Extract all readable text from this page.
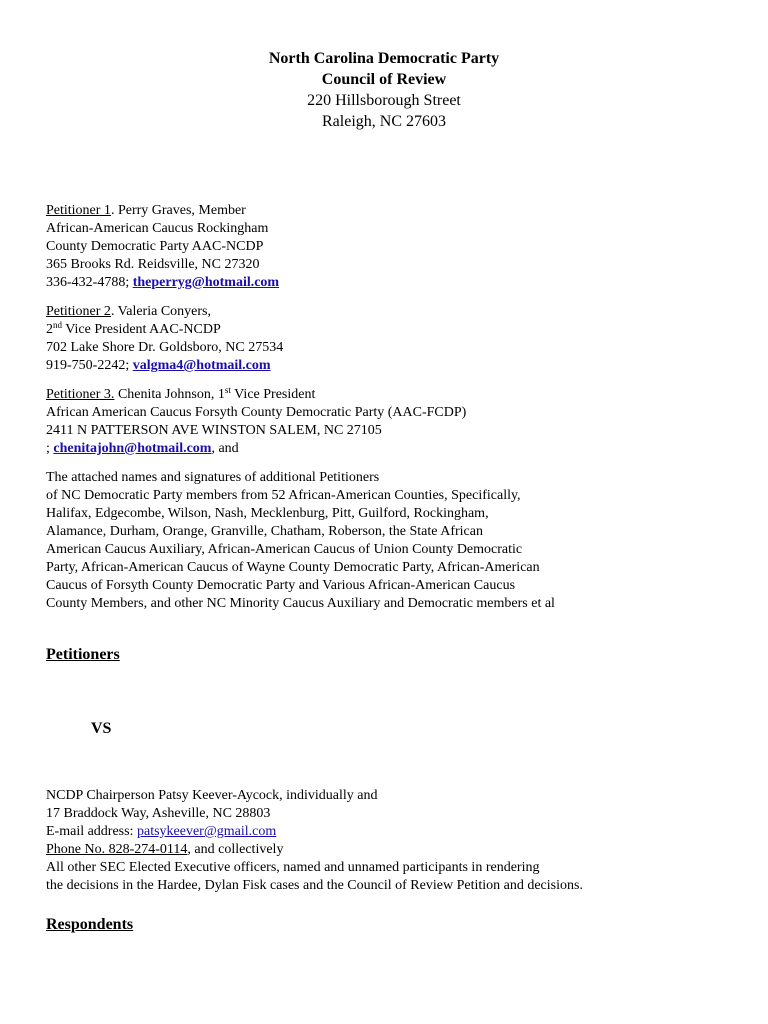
North Carolina Democratic Party
Council of Review
220 Hillsborough Street
Raleigh, NC 27603
Petitioner 1. Perry Graves, Member
African-American Caucus Rockingham
County Democratic Party AAC-NCDP
365 Brooks Rd. Reidsville, NC 27320
336-432-4788; theperryg@hotmail.com
Petitioner 2. Valeria Conyers,
2nd Vice President AAC-NCDP
702 Lake Shore Dr. Goldsboro, NC 27534
919-750-2242; valgma4@hotmail.com
Petitioner 3. Chenita Johnson, 1st Vice President
African American Caucus Forsyth County Democratic Party (AAC-FCDP)
2411 N PATTERSON AVE WINSTON SALEM, NC 27105
; chenitajohn@hotmail.com, and
The attached names and signatures of additional Petitioners
of NC Democratic Party members from 52 African-American Counties, Specifically,
Halifax, Edgecombe, Wilson, Nash, Mecklenburg, Pitt, Guilford, Rockingham,
Alamance, Durham, Orange, Granville, Chatham, Roberson, the State African
American Caucus Auxiliary, African-American Caucus of Union County Democratic
Party, African-American Caucus of Wayne County Democratic Party, African-American
Caucus of Forsyth County Democratic Party and Various African-American Caucus
County Members, and other NC Minority Caucus Auxiliary and Democratic members et al
Petitioners
VS
NCDP Chairperson Patsy Keever-Aycock, individually and
17 Braddock Way, Asheville, NC 28803
E-mail address: patsykeever@gmail.com
Phone No. 828-274-0114, and collectively
All other SEC Elected Executive officers, named and unnamed participants in rendering
the decisions in the Hardee, Dylan Fisk cases and the Council of Review Petition and decisions.
Respondents
